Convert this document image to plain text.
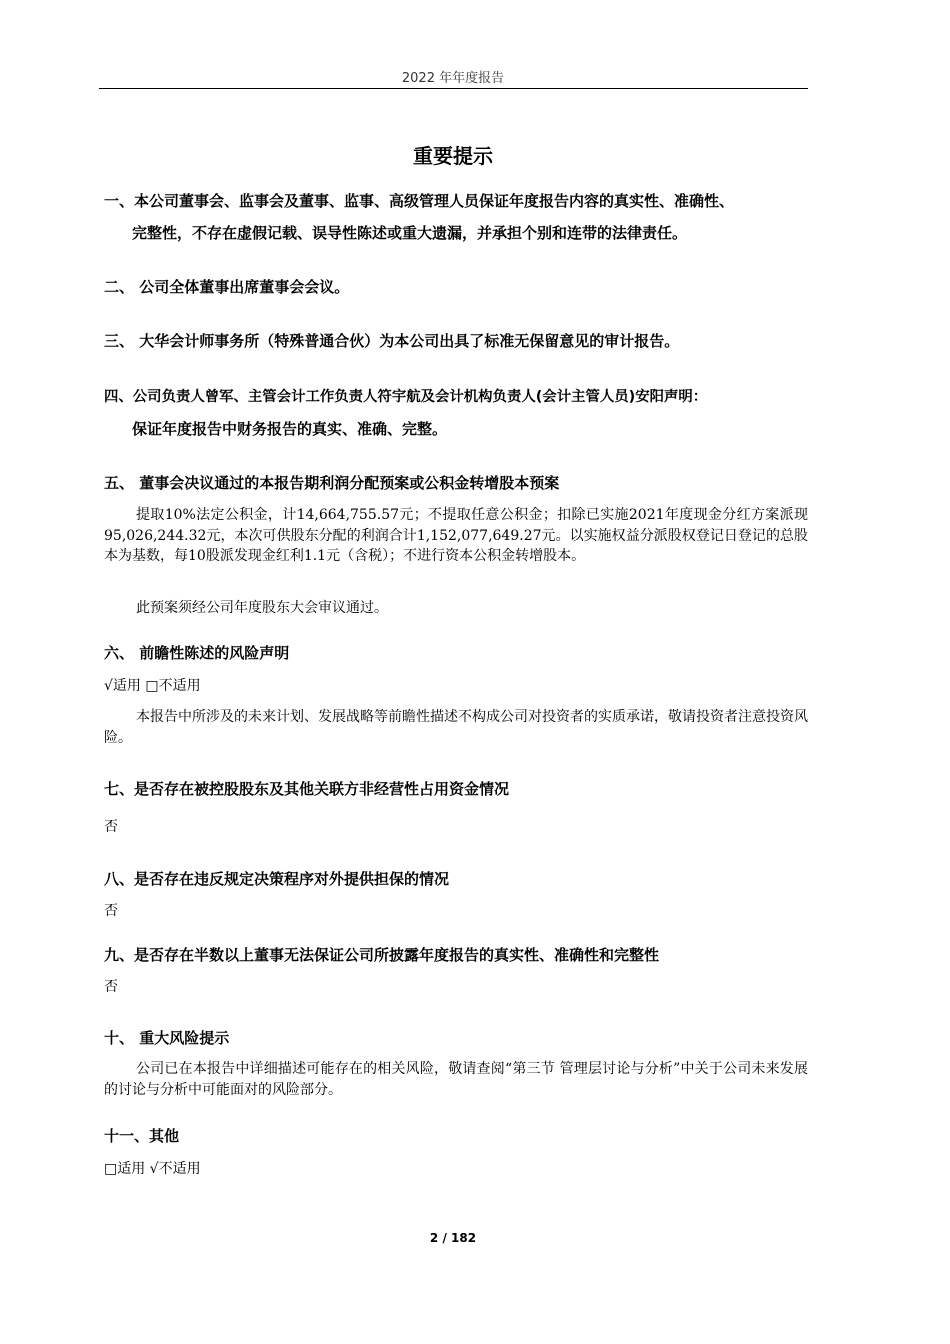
2022 年年度报告
重要提示
一、本公司董事会、监事会及董事、监事、高级管理人员保证年度报告内容的真实性、准确性、
完整性，不存在虚假记载、误导性陈述或重大遗漏，并承担个别和连带的法律责任。
二、 公司全体董事出席董事会会议。
三、 大华会计师事务所（特殊普通合伙）为本公司出具了标准无保留意见的审计报告。
四、公司负责人曾军、主管会计工作负责人符宇航及会计机构负责人(会计主管人员)安阳声明：
保证年度报告中财务报告的真实、准确、完整。
五、 董事会决议通过的本报告期利润分配预案或公积金转增股本预案
提取10%法定公积金，计14,664,755.57元；不提取任意公积金；扣除已实施2021年度现金分红方案派现95,026,244.32元，本次可供股东分配的利润合计1,152,077,649.27元。以实施权益分派股权登记日登记的总股本为基数，每10股派发现金红利1.1元（含税）；不进行资本公积金转增股本。
此预案须经公司年度股东大会审议通过。
六、 前瞻性陈述的风险声明
√适用 □不适用
本报告中所涉及的未来计划、发展战略等前瞻性描述不构成公司对投资者的实质承诺，敬请投资者注意投资风险。
七、是否存在被控股股东及其他关联方非经营性占用资金情况
否
八、是否存在违反规定决策程序对外提供担保的情况
否
九、是否存在半数以上董事无法保证公司所披露年度报告的真实性、准确性和完整性
否
十、 重大风险提示
公司已在本报告中详细描述可能存在的相关风险，敬请查阅“第三节 管理层讨论与分析”中关于公司未来发展的讨论与分析中可能面对的风险部分。
十一、其他
□适用 √不适用
2 / 182
